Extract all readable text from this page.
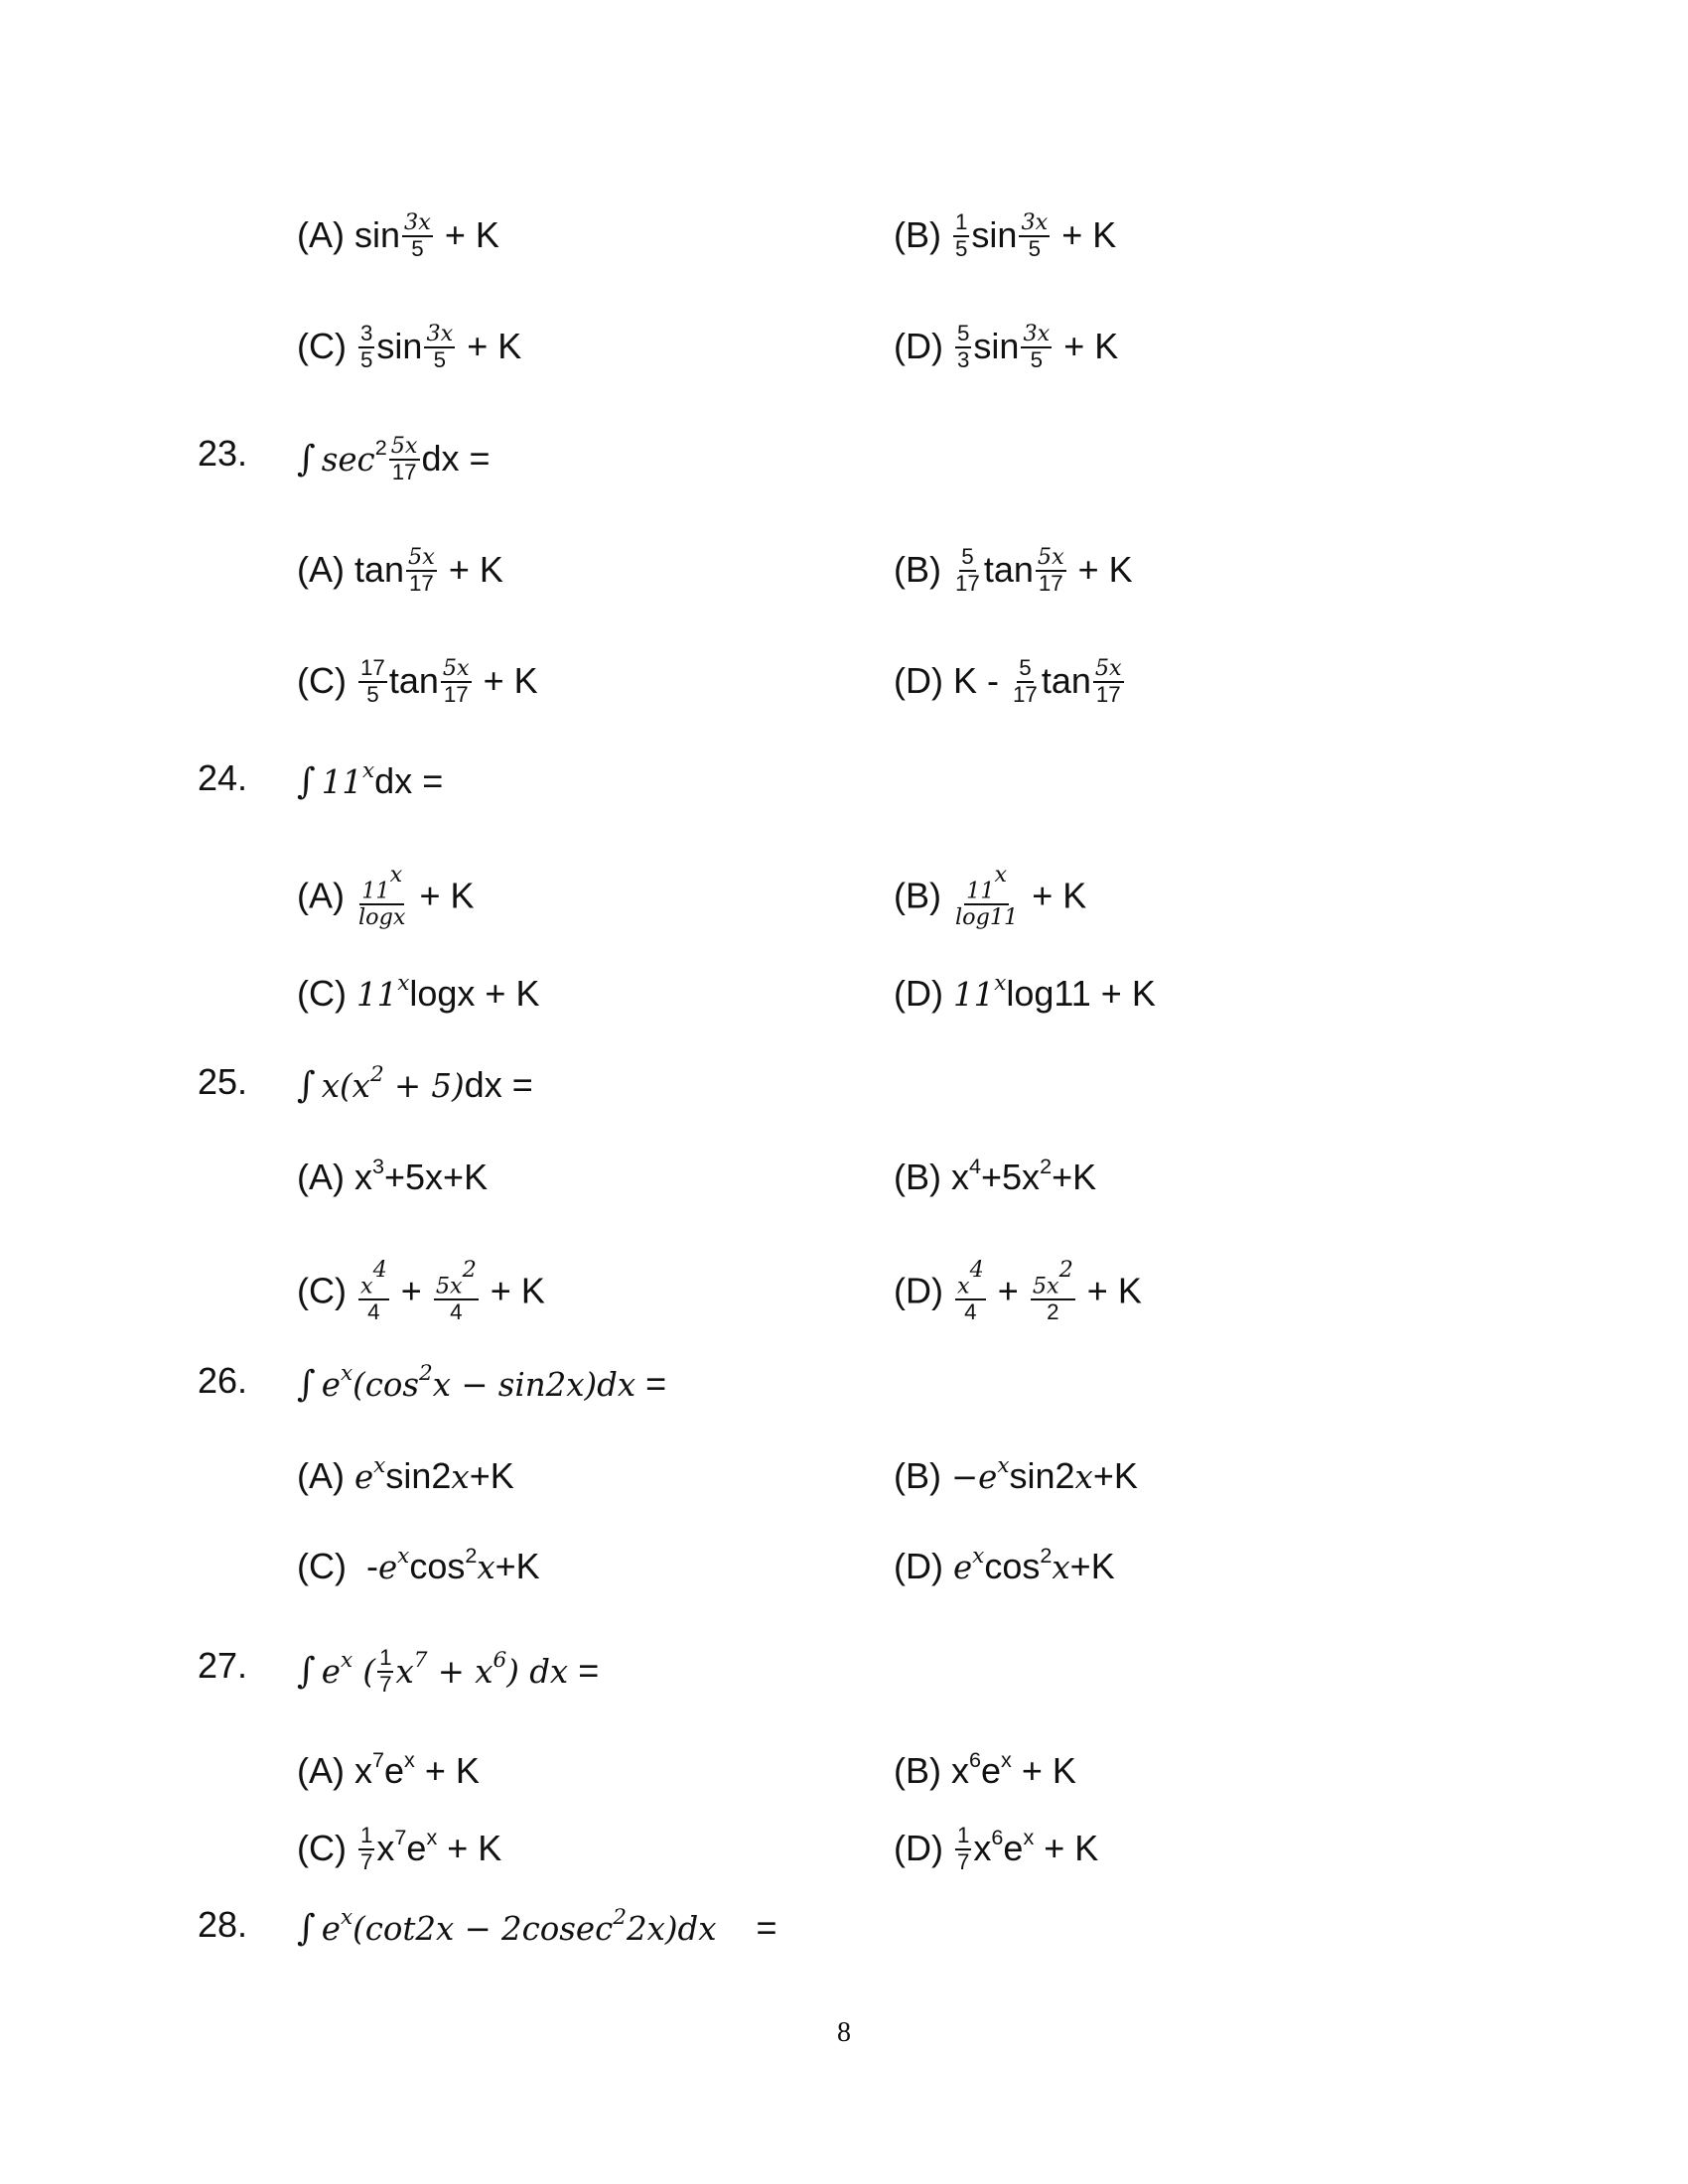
(A) $\sin \frac{3x}{5} + K$	$(B) \frac{1}{5}$ $\sin \frac{3x}{5} + K$
$(C) \frac{3}{5}$ $\sin \frac{3x}{5} + K$	$(D) \frac{5}{3}$ $\sin \frac{3x}{5} + K$
23. ∫ $\sec^2 \frac{5x}{17}$ dx =
(A) $\tan \frac{5x}{17} + K$	$(B) \frac{5}{17}$ $\tan \frac{5x}{17} + K$
$(C) \frac{17}{5}$ $\tan \frac{5x}{17} + K$	(D) K - $\frac{5}{17}$ $\tan \frac{5x}{17}$
24. ∫ $11^xdx$ =
$(A) \frac{11x}{\log x} + K$	$(B) \frac{11x}{\log 11} + K$
(C) $11^x\log x + K$	(D) $11^x\log 11 + K$
25. ∫ $x(x^2 + 5)dx$ =
(A) $x^3+5x+K$	(B) $x^4+5x^2+K$
$(C) \frac{x4}{4} + \frac{5x2}{4} + K$	$(D) \frac{x4}{4} + \frac{5x2}{2} + K$
26. ∫ $e^x(\cos^2x - \sin 2x)dx$ =
(A) $e^x\sin 2x+K$	$(B) -e^x\sin 2x+K$
(C)  $-e^x\cos^2x+K$	(D) $e^x\cos^2x+K$
27. ∫ $e^x$ ( $\frac{1}{7} x^7 + x^6$) dx =
(A) $x^7e^x + K$	(B) $x^6e^x + K$
$(C) \frac{1}{7} x^7e^x + K$	$(D) \frac{1}{7} x^6e^x + K$
28. ∫ $e^x(\cot 2x - 2cosec^22x)dx$    =
8
